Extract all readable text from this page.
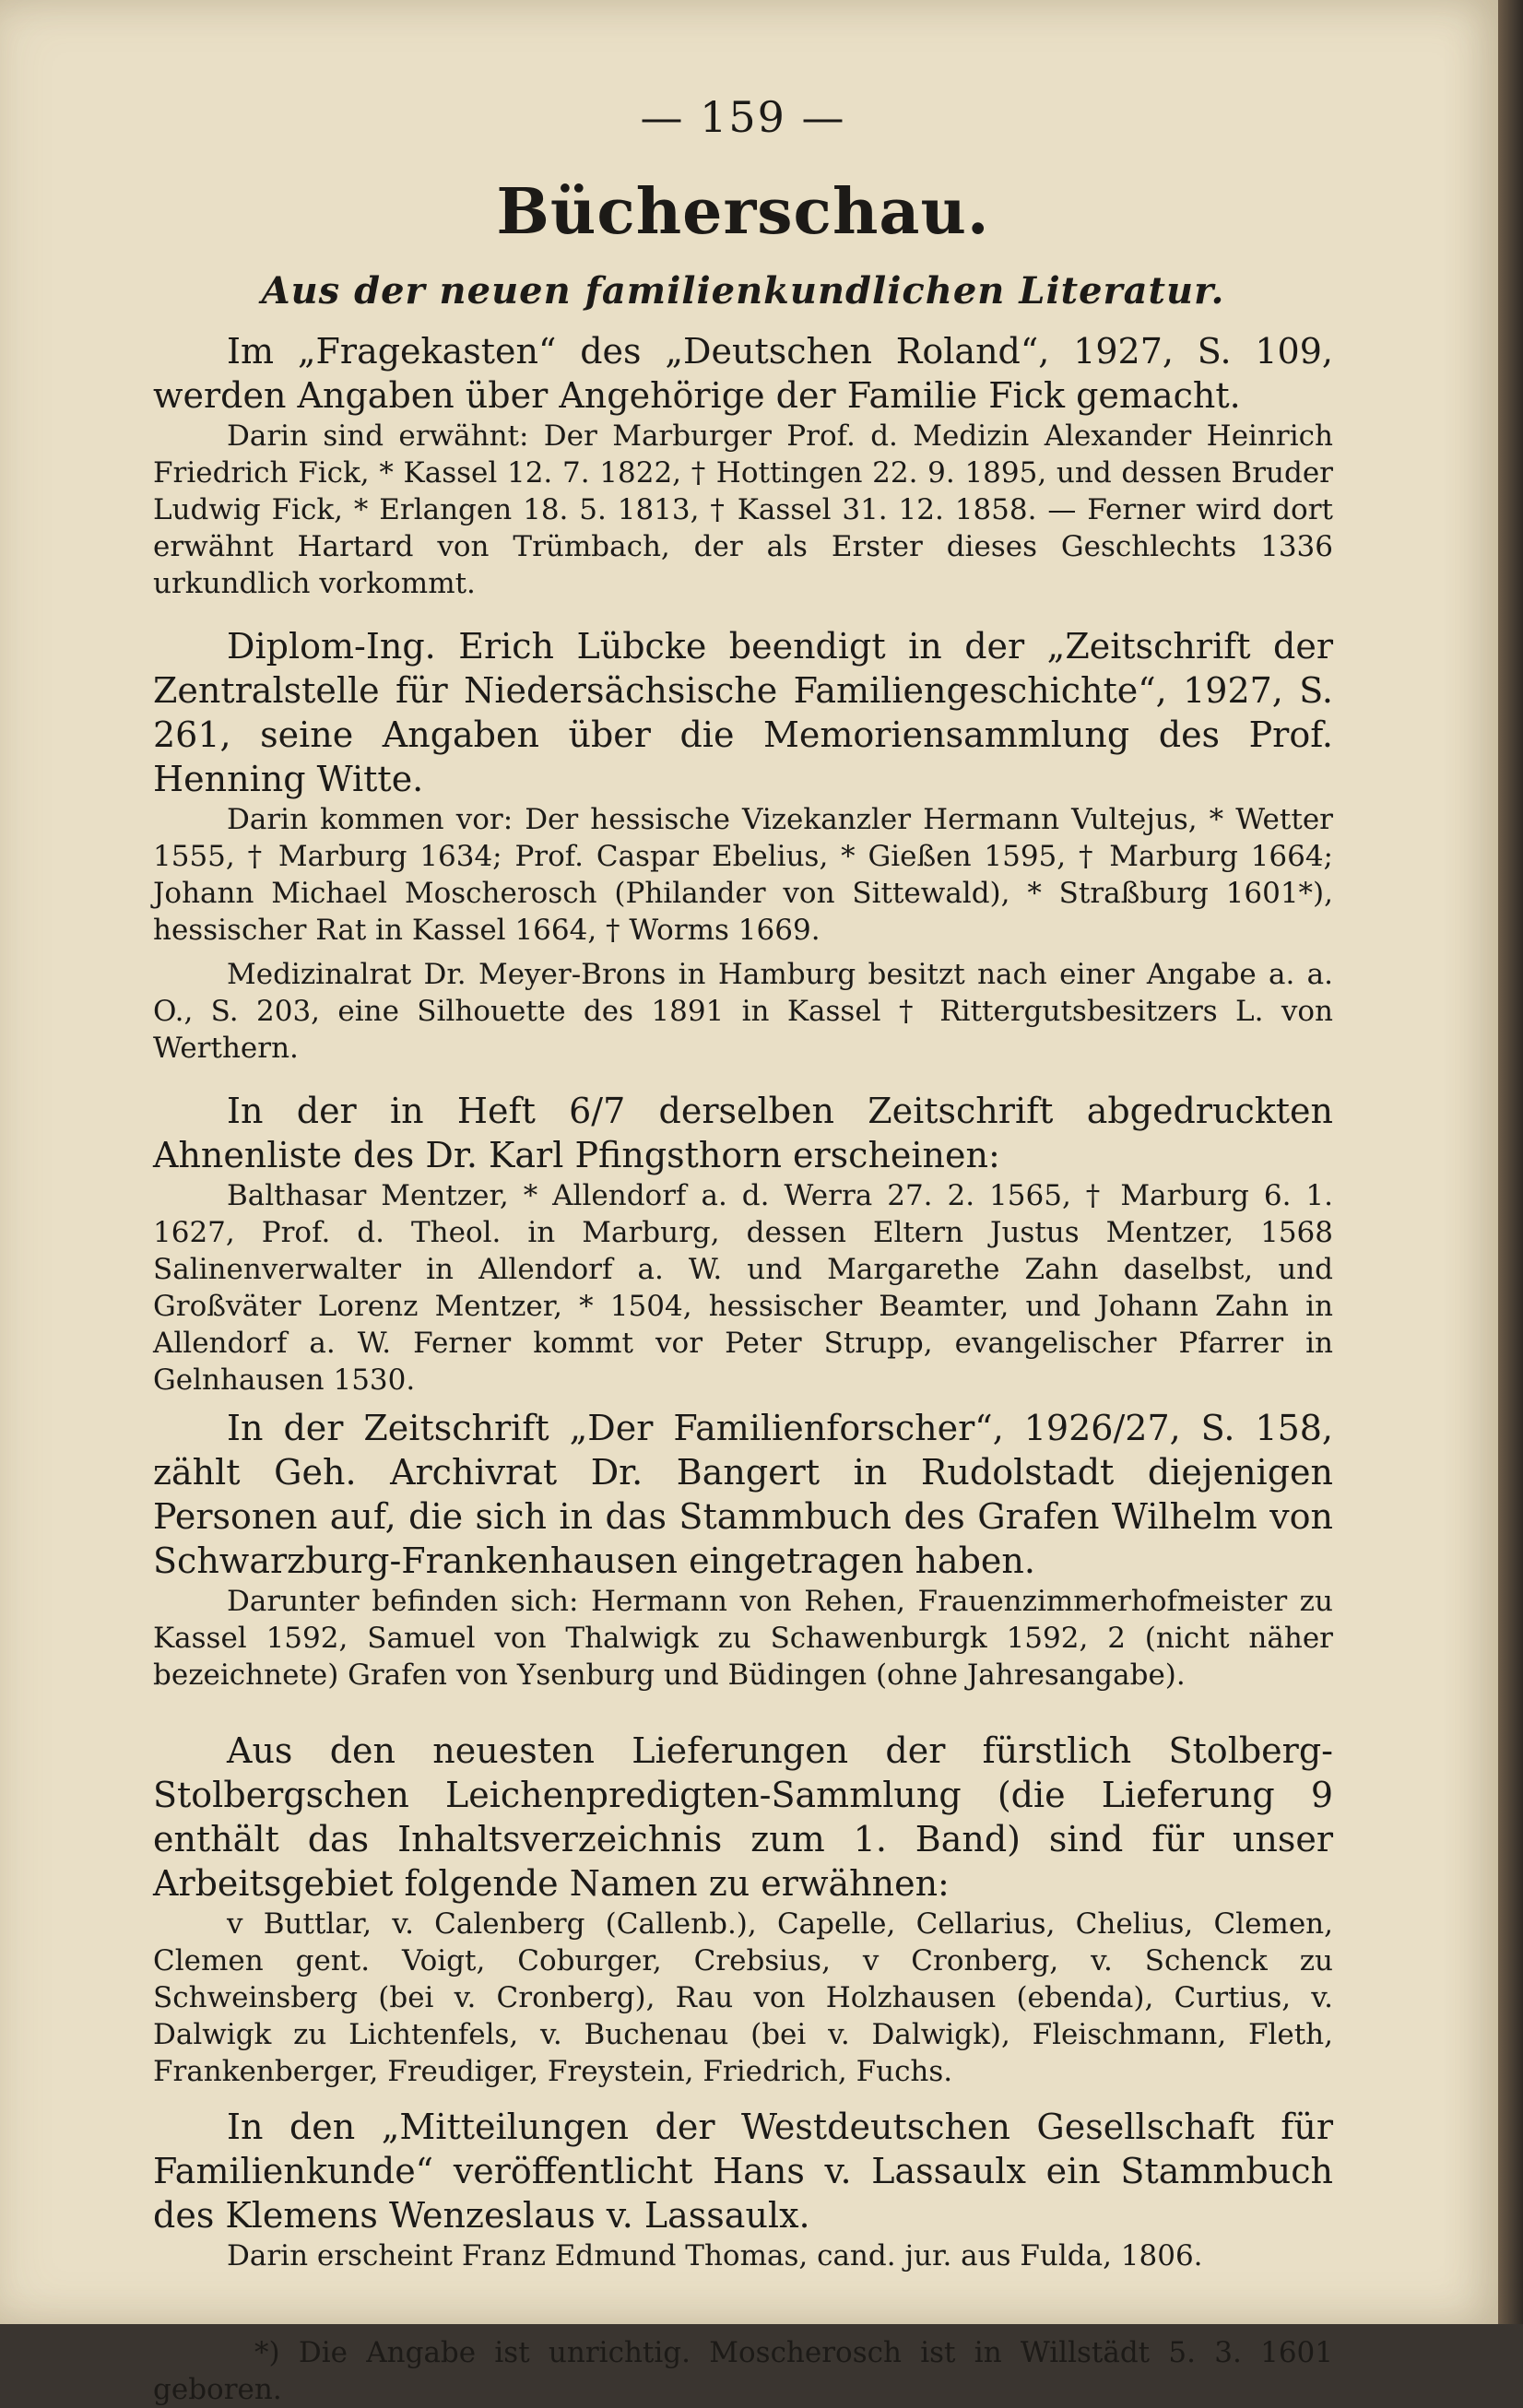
— 159 —
Bücherschau.
Aus der neuen familienkundlichen Literatur.

Im „Fragekasten“ des „Deutschen Roland“, 1927, S. 109, werden Angaben über Angehörige der Familie Fick gemacht.

Darin sind erwähnt: Der Marburger Prof. d. Medizin Alexander Heinrich Friedrich Fick, * Kassel 12. 7. 1822, † Hottingen 22. 9. 1895, und dessen Bruder Ludwig Fick, * Erlangen 18. 5. 1813, † Kassel 31. 12. 1858. — Ferner wird dort erwähnt Hartard von Trümbach, der als Erster dieses Geschlechts 1336 urkundlich vorkommt.

Diplom-Ing. Erich Lübcke beendigt in der „Zeitschrift der Zentralstelle für Niedersächsische Familiengeschichte“, 1927, S. 261, seine Angaben über die Memoriensammlung des Prof. Henning Witte.

Darin kommen vor: Der hessische Vizekanzler Hermann Vultejus, * Wetter 1555, † Marburg 1634; Prof. Caspar Ebelius, * Gießen 1595, † Marburg 1664; Johann Michael Moscherosch (Philander von Sittewald), * Straßburg 1601*), hessischer Rat in Kassel 1664, † Worms 1669.

Medizinalrat Dr. Meyer-Brons in Hamburg besitzt nach einer Angabe a. a. O., S. 203, eine Silhouette des 1891 in Kassel † Rittergutsbesitzers L. von Werthern.

In der in Heft 6/7 derselben Zeitschrift abgedruckten Ahnenliste des Dr. Karl Pfingsthorn erscheinen:

Balthasar Mentzer, * Allendorf a. d. Werra 27. 2. 1565, † Marburg 6. 1. 1627, Prof. d. Theol. in Marburg, dessen Eltern Justus Mentzer, 1568 Salinenverwalter in Allendorf a. W. und Margarethe Zahn daselbst, und Großväter Lorenz Mentzer, * 1504, hessischer Beamter, und Johann Zahn in Allendorf a. W. Ferner kommt vor Peter Strupp, evangelischer Pfarrer in Gelnhausen 1530.

In der Zeitschrift „Der Familienforscher“, 1926/27, S. 158, zählt Geh. Archivrat Dr. Bangert in Rudolstadt diejenigen Personen auf, die sich in das Stammbuch des Grafen Wilhelm von Schwarzburg-Frankenhausen eingetragen haben.

Darunter befinden sich: Hermann von Rehen, Frauenzimmerhofmeister zu Kassel 1592, Samuel von Thalwigk zu Schawenburgk 1592, 2 (nicht näher bezeichnete) Grafen von Ysenburg und Büdingen (ohne Jahresangabe).

Aus den neuesten Lieferungen der fürstlich Stolberg-Stolbergschen Leichenpredigten-Sammlung (die Lieferung 9 enthält das Inhaltsverzeichnis zum 1. Band) sind für unser Arbeitsgebiet folgende Namen zu erwähnen:

v Buttlar, v. Calenberg (Callenb.), Capelle, Cellarius, Chelius, Clemen, Clemen gent. Voigt, Coburger, Crebsius, v Cronberg, v. Schenck zu Schweinsberg (bei v. Cronberg), Rau von Holzhausen (ebenda), Curtius, v. Dalwigk zu Lichtenfels, v. Buchenau (bei v. Dalwigk), Fleischmann, Fleth, Frankenberger, Freudiger, Freystein, Friedrich, Fuchs.

In den „Mitteilungen der Westdeutschen Gesellschaft für Familienkunde“ veröffentlicht Hans v. Lassaulx ein Stammbuch des Klemens Wenzeslaus v. Lassaulx.

Darin erscheint Franz Edmund Thomas, cand. jur. aus Fulda, 1806.

*) Die Angabe ist unrichtig. Moscherosch ist in Willstädt 5. 3. 1601 geboren.
